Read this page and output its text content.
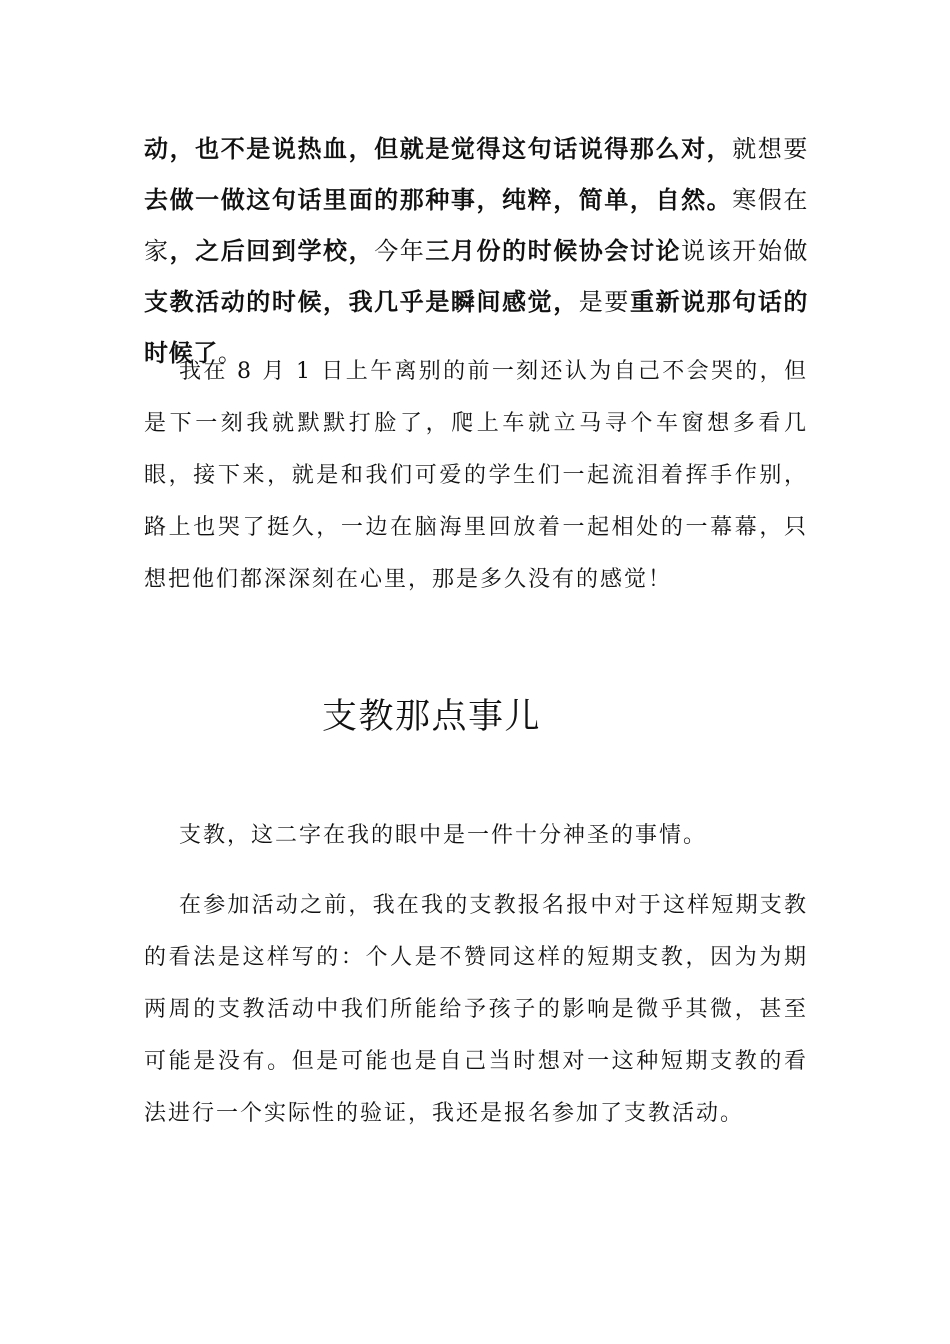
动，也不是说热血，但就是觉得这句话说得那么对，就想要去做一做这句话里面的那种事，纯粹，简单，自然。寒假在家，之后回到学校，今年三月份的时候协会讨论说该开始做支教活动的时候，我几乎是瞬间感觉，是要重新说那句话的时候了。

我在 8 月 1 日上午离别的前一刻还认为自己不会哭的，但是下一刻我就默默打脸了，爬上车就立马寻个车窗想多看几眼，接下来，就是和我们可爱的学生们一起流泪着挥手作别，路上也哭了挺久，一边在脑海里回放着一起相处的一幕幕，只想把他们都深深刻在心里，那是多久没有的感觉！

支教那点事儿

支教，这二字在我的眼中是一件十分神圣的事情。

在参加活动之前，我在我的支教报名报中对于这样短期支教的看法是这样写的：个人是不赞同这样的短期支教，因为为期两周的支教活动中我们所能给予孩子的影响是微乎其微，甚至可能是没有。但是可能也是自己当时想对一这种短期支教的看法进行一个实际性的验证，我还是报名参加了支教活动。
